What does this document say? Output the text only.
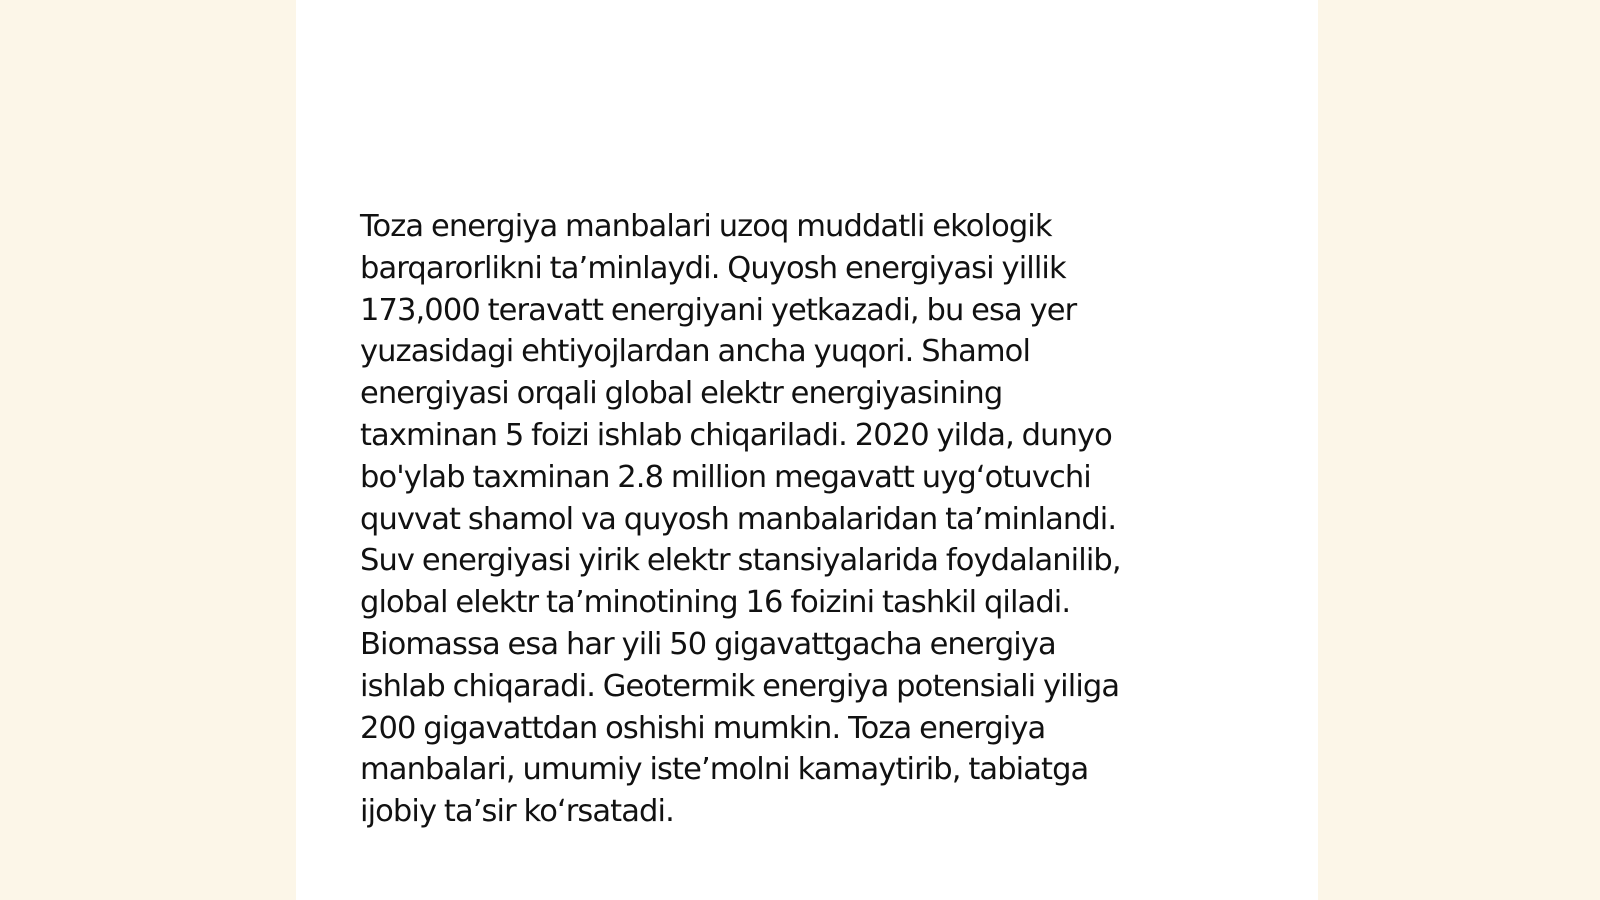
Toza energiya manbalari uzoq muddatli ekologik
barqarorlikni ta’minlaydi. Quyosh energiyasi yillik
173,000 teravatt energiyani yetkazadi, bu esa yer
yuzasidagi ehtiyojlardan ancha yuqori. Shamol
energiyasi orqali global elektr energiyasining
taxminan 5 foizi ishlab chiqariladi. 2020 yilda, dunyo
bo'ylab taxminan 2.8 million megavatt uyg‘otuvchi
quvvat shamol va quyosh manbalaridan ta’minlandi.
Suv energiyasi yirik elektr stansiyalarida foydalanilib,
global elektr ta’minotining 16 foizini tashkil qiladi.
Biomassa esa har yili 50 gigavattgacha energiya
ishlab chiqaradi. Geotermik energiya potensiali yiliga
200 gigavattdan oshishi mumkin. Toza energiya
manbalari, umumiy iste’molni kamaytirib, tabiatga
ijobiy ta’sir ko‘rsatadi.
